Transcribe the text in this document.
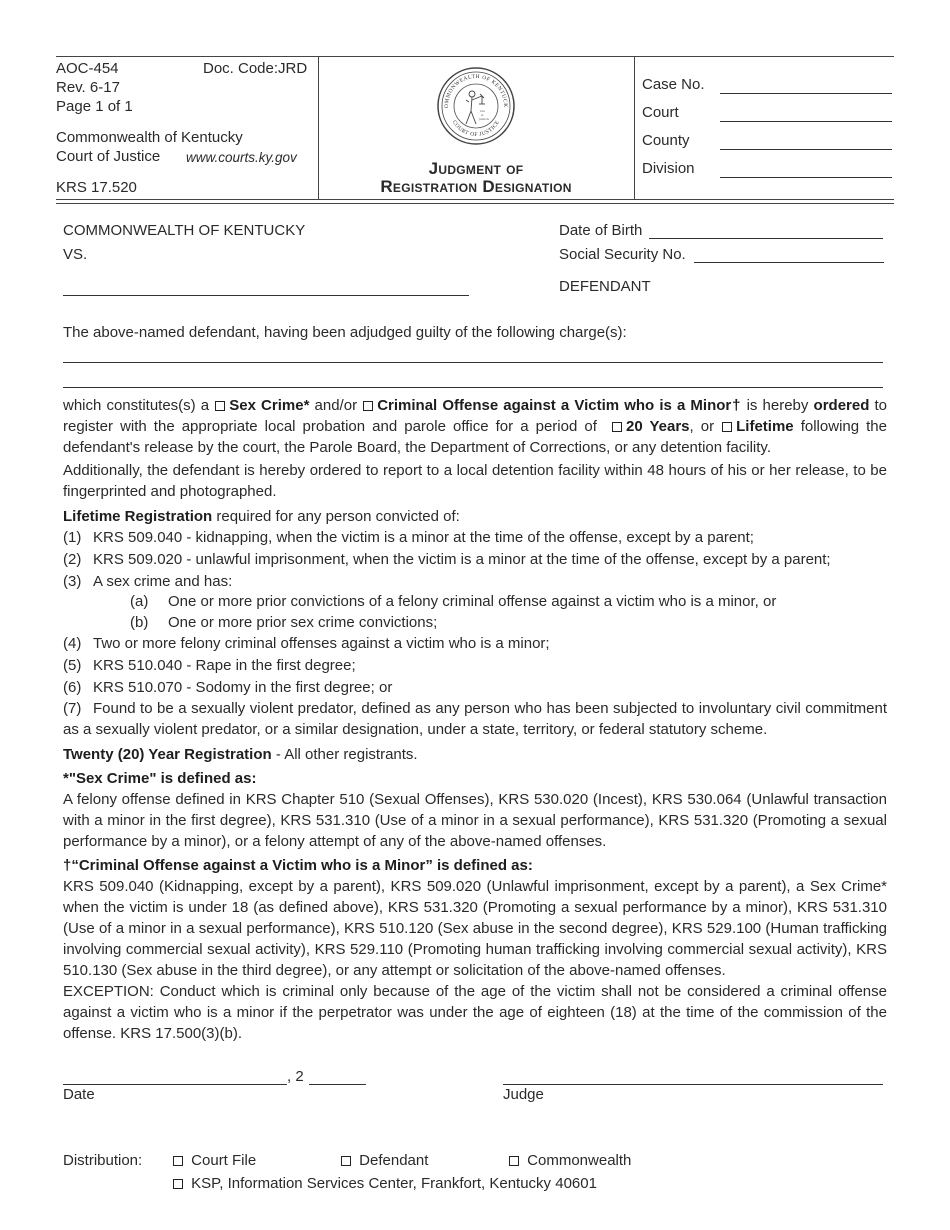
AOC-454	Doc. Code:JRD
Rev. 6-17
Page 1 of 1
Commonwealth of Kentucky
Court of Justice www.courts.ky.gov
KRS 17.520
OMMONWEALTH OF KENTUCK
COURT OF JUSTICE
law
et
justicia
Judgment of
Registration Designation
Case No.
Court
County
Division
COMMONWEALTH OF KENTUCKY
VS.
Date of Birth
Social Security No.
DEFENDANT
The above-named defendant, having been adjudged guilty of the following charge(s):
which constitutes(s) a Sex Crime* and/or Criminal Offense against a Victim who is a Minor† is hereby ordered to register with the appropriate local probation and parole office for a period of 20 Years, or Lifetime following the defendant's release by the court, the Parole Board, the Department of Corrections, or any detention facility.
Additionally, the defendant is hereby ordered to report to a local detention facility within 48 hours of his or her release, to be fingerprinted and photographed.
Lifetime Registration required for any person convicted of:
(1) KRS 509.040 - kidnapping, when the victim is a minor at the time of the offense, except by a parent;
(2) KRS 509.020 - unlawful imprisonment, when the victim is a minor at the time of the offense, except by a parent;
(3) A sex crime and has:
(a) One or more prior convictions of a felony criminal offense against a victim who is a minor, or
(b) One or more prior sex crime convictions;
(4) Two or more felony criminal offenses against a victim who is a minor;
(5) KRS 510.040 - Rape in the first degree;
(6) KRS 510.070 - Sodomy in the first degree; or
(7) Found to be a sexually violent predator, defined as any person who has been subjected to involuntary civil commitment as a sexually violent predator, or a similar designation, under a state, territory, or federal statutory scheme.
Twenty (20) Year Registration - All other registrants.
*"Sex Crime" is defined as:
A felony offense defined in KRS Chapter 510 (Sexual Offenses), KRS 530.020 (Incest), KRS 530.064 (Unlawful transaction with a minor in the first degree), KRS 531.310 (Use of a minor in a sexual performance), KRS 531.320 (Promoting a sexual performance by a minor), or a felony attempt of any of the above-named offenses.
†“Criminal Offense against a Victim who is a Minor” is defined as:
KRS 509.040 (Kidnapping, except by a parent), KRS 509.020 (Unlawful imprisonment, except by a parent), a Sex Crime* when the victim is under 18 (as defined above), KRS 531.320 (Promoting a sexual performance by a minor), KRS 531.310 (Use of a minor in a sexual performance), KRS 510.120 (Sex abuse in the second degree), KRS 529.100 (Human trafficking involving commercial sexual activity), KRS 529.110 (Promoting human trafficking involving commercial sexual activity), KRS 510.130 (Sex abuse in the third degree), or any attempt or solicitation of the above-named offenses.
EXCEPTION: Conduct which is criminal only because of the age of the victim shall not be considered a criminal offense against a victim who is a minor if the perpetrator was under the age of eighteen (18) at the time of the commission of the offense. KRS 17.500(3)(b).
, 2
Date	Judge
Distribution:	Court File	Defendant	Commonwealth
KSP, Information Services Center, Frankfort, Kentucky 40601
